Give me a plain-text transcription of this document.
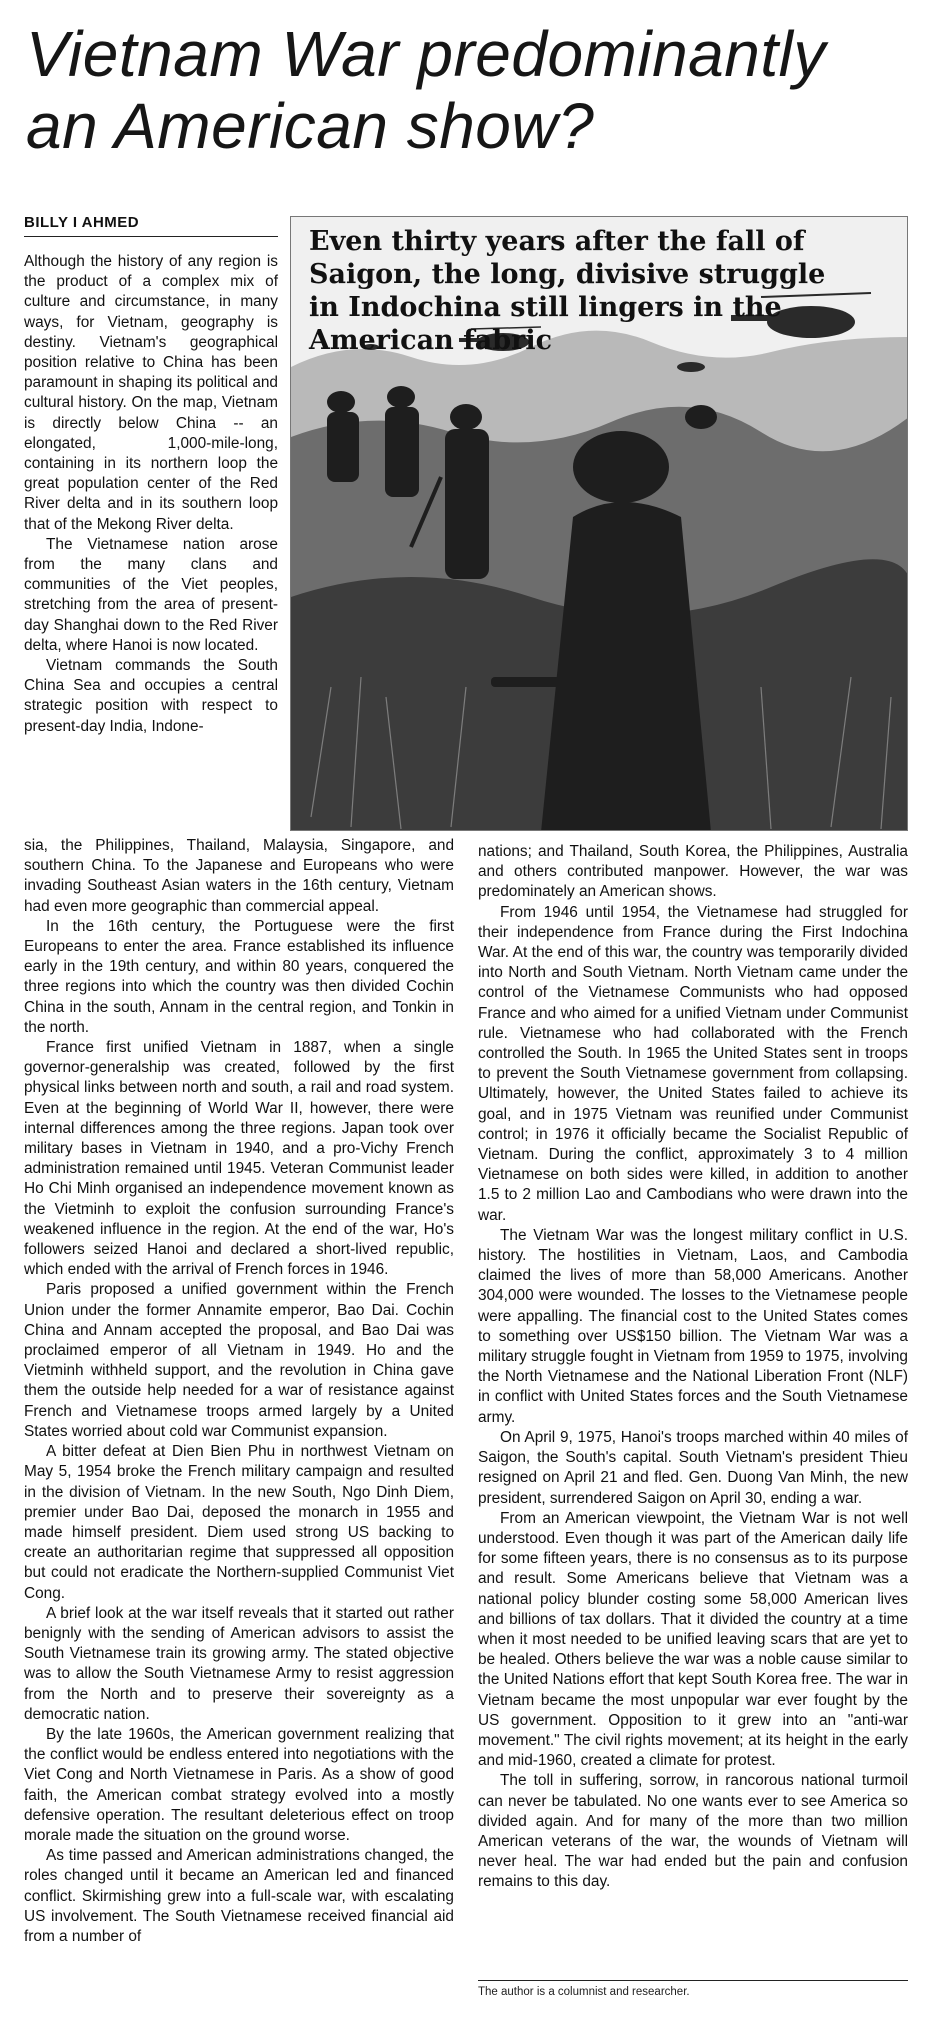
Vietnam War predominantly
an American show?
BILLY I AHMED

Even thirty years after the fall of Saigon, the long, divisive struggle in Indochina still lingers in the American fabric

Although the history of any region is the product of a complex mix of culture and circumstance, in many ways, for Vietnam, geography is destiny. Vietnam's geographical position relative to China has been paramount in shaping its political and cultural history. On the map, Vietnam is directly below China -- an elongated, 1,000-mile-long, containing in its northern loop the great population center of the Red River delta and in its southern loop that of the Mekong River delta.

The Vietnamese nation arose from the many clans and communities of the Viet peoples, stretching from the area of present-day Shanghai down to the Red River delta, where Hanoi is now located.

Vietnam commands the South China Sea and occupies a central strategic position with respect to present-day India, Indone-

sia, the Philippines, Thailand, Malaysia, Singapore, and southern China. To the Japanese and Europeans who were invading Southeast Asian waters in the 16th century, Vietnam had even more geographic than commercial appeal.

In the 16th century, the Portuguese were the first Europeans to enter the area. France established its influence early in the 19th century, and within 80 years, conquered the three regions into which the country was then divided Cochin China in the south, Annam in the central region, and Tonkin in the north.

France first unified Vietnam in 1887, when a single governor-generalship was created, followed by the first physical links between north and south, a rail and road system. Even at the beginning of World War II, however, there were internal differences among the three regions. Japan took over military bases in Vietnam in 1940, and a pro-Vichy French administration remained until 1945. Veteran Communist leader Ho Chi Minh organised an independence movement known as the Vietminh to exploit the confusion surrounding France's weakened influence in the region. At the end of the war, Ho's followers seized Hanoi and declared a short-lived republic, which ended with the arrival of French forces in 1946.

Paris proposed a unified government within the French Union under the former Annamite emperor, Bao Dai. Cochin China and Annam accepted the proposal, and Bao Dai was proclaimed emperor of all Vietnam in 1949. Ho and the Vietminh withheld support, and the revolution in China gave them the outside help needed for a war of resistance against French and Vietnamese troops armed largely by a United States worried about cold war Communist expansion.

A bitter defeat at Dien Bien Phu in northwest Vietnam on May 5, 1954 broke the French military campaign and resulted in the division of Vietnam. In the new South, Ngo Dinh Diem, premier under Bao Dai, deposed the monarch in 1955 and made himself president. Diem used strong US backing to create an authoritarian regime that suppressed all opposition but could not eradicate the Northern-supplied Communist Viet Cong.

A brief look at the war itself reveals that it started out rather benignly with the sending of American advisors to assist the South Vietnamese train its growing army. The stated objective was to allow the South Vietnamese Army to resist aggression from the North and to preserve their sovereignty as a democratic nation.

By the late 1960s, the American government realizing that the conflict would be endless entered into negotiations with the Viet Cong and North Vietnamese in Paris. As a show of good faith, the American combat strategy evolved into a mostly defensive operation. The resultant deleterious effect on troop morale made the situation on the ground worse.

As time passed and American administrations changed, the roles changed until it became an American led and financed conflict. Skirmishing grew into a full-scale war, with escalating US involvement. The South Vietnamese received financial aid from a number of

nations; and Thailand, South Korea, the Philippines, Australia and others contributed manpower. However, the war was predominately an American shows.

From 1946 until 1954, the Vietnamese had struggled for their independence from France during the First Indochina War. At the end of this war, the country was temporarily divided into North and South Vietnam. North Vietnam came under the control of the Vietnamese Communists who had opposed France and who aimed for a unified Vietnam under Communist rule. Vietnamese who had collaborated with the French controlled the South. In 1965 the United States sent in troops to prevent the South Vietnamese government from collapsing. Ultimately, however, the United States failed to achieve its goal, and in 1975 Vietnam was reunified under Communist control; in 1976 it officially became the Socialist Republic of Vietnam. During the conflict, approximately 3 to 4 million Vietnamese on both sides were killed, in addition to another 1.5 to 2 million Lao and Cambodians who were drawn into the war.

The Vietnam War was the longest military conflict in U.S. history. The hostilities in Vietnam, Laos, and Cambodia claimed the lives of more than 58,000 Americans. Another 304,000 were wounded. The losses to the Vietnamese people were appalling. The financial cost to the United States comes to something over US$150 billion. The Vietnam War was a military struggle fought in Vietnam from 1959 to 1975, involving the North Vietnamese and the National Liberation Front (NLF) in conflict with United States forces and the South Vietnamese army.

On April 9, 1975, Hanoi's troops marched within 40 miles of Saigon, the South's capital. South Vietnam's president Thieu resigned on April 21 and fled. Gen. Duong Van Minh, the new president, surrendered Saigon on April 30, ending a war.

From an American viewpoint, the Vietnam War is not well understood. Even though it was part of the American daily life for some fifteen years, there is no consensus as to its purpose and result. Some Americans believe that Vietnam was a national policy blunder costing some 58,000 American lives and billions of tax dollars. That it divided the country at a time when it most needed to be unified leaving scars that are yet to be healed. Others believe the war was a noble cause similar to the United Nations effort that kept South Korea free. The war in Vietnam became the most unpopular war ever fought by the US government. Opposition to it grew into an "anti-war movement." The civil rights movement; at its height in the early and mid-1960, created a climate for protest.

The toll in suffering, sorrow, in rancorous national turmoil can never be tabulated. No one wants ever to see America so divided again. And for many of the more than two million American veterans of the war, the wounds of Vietnam will never heal. The war had ended but the pain and confusion remains to this day.

The author is a columnist and researcher.
